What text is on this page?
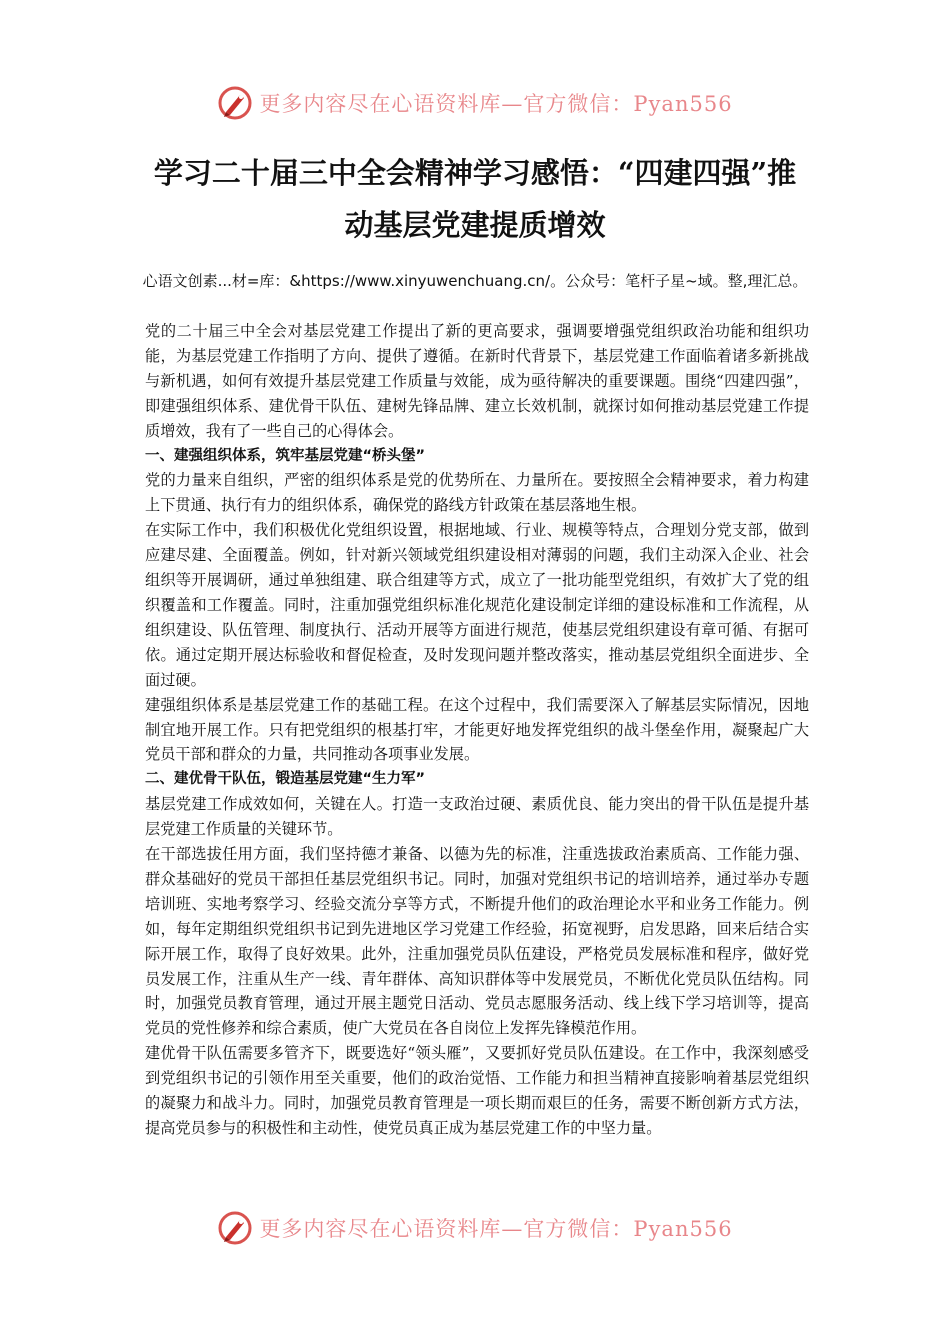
更多内容尽在心语资料库—官方微信：Pyan556
学习二十届三中全会精神学习感悟：“四建四强”推动基层党建提质增效
心语文创素...材=库：&https://www.xinyuwenchuang.cn/。公众号：笔杆子星~域。整,理汇总。

党的二十届三中全会对基层党建工作提出了新的更高要求，强调要增强党组织政治功能和组织功能，为基层党建工作指明了方向、提供了遵循。在新时代背景下，基层党建工作面临着诸多新挑战与新机遇，如何有效提升基层党建工作质量与效能，成为亟待解决的重要课题。围绕“四建四强”，即建强组织体系、建优骨干队伍、建树先锋品牌、建立长效机制，就探讨如何推动基层党建工作提质增效，我有了一些自己的心得体会。

一、建强组织体系，筑牢基层党建“桥头堡”

党的力量来自组织，严密的组织体系是党的优势所在、力量所在。要按照全会精神要求，着力构建上下贯通、执行有力的组织体系，确保党的路线方针政策在基层落地生根。

在实际工作中，我们积极优化党组织设置，根据地域、行业、规模等特点，合理划分党支部，做到应建尽建、全面覆盖。例如，针对新兴领域党组织建设相对薄弱的问题，我们主动深入企业、社会组织等开展调研，通过单独组建、联合组建等方式，成立了一批功能型党组织，有效扩大了党的组织覆盖和工作覆盖。同时，注重加强党组织标准化规范化建设制定详细的建设标准和工作流程，从组织建设、队伍管理、制度执行、活动开展等方面进行规范，使基层党组织建设有章可循、有据可依。通过定期开展达标验收和督促检查，及时发现问题并整改落实，推动基层党组织全面进步、全面过硬。

建强组织体系是基层党建工作的基础工程。在这个过程中，我们需要深入了解基层实际情况，因地制宜地开展工作。只有把党组织的根基打牢，才能更好地发挥党组织的战斗堡垒作用，凝聚起广大党员干部和群众的力量，共同推动各项事业发展。

二、建优骨干队伍，锻造基层党建“生力军”

基层党建工作成效如何，关键在人。打造一支政治过硬、素质优良、能力突出的骨干队伍是提升基层党建工作质量的关键环节。

在干部选拔任用方面，我们坚持德才兼备、以德为先的标准，注重选拔政治素质高、工作能力强、群众基础好的党员干部担任基层党组织书记。同时，加强对党组织书记的培训培养，通过举办专题培训班、实地考察学习、经验交流分享等方式，不断提升他们的政治理论水平和业务工作能力。例如，每年定期组织党组织书记到先进地区学习党建工作经验，拓宽视野，启发思路，回来后结合实际开展工作，取得了良好效果。此外，注重加强党员队伍建设，严格党员发展标准和程序，做好党员发展工作，注重从生产一线、青年群体、高知识群体等中发展党员，不断优化党员队伍结构。同时，加强党员教育管理，通过开展主题党日活动、党员志愿服务活动、线上线下学习培训等，提高党员的党性修养和综合素质，使广大党员在各自岗位上发挥先锋模范作用。

建优骨干队伍需要多管齐下，既要选好“领头雁”，又要抓好党员队伍建设。在工作中，我深刻感受到党组织书记的引领作用至关重要，他们的政治觉悟、工作能力和担当精神直接影响着基层党组织的凝聚力和战斗力。同时，加强党员教育管理是一项长期而艰巨的任务，需要不断创新方式方法，提高党员参与的积极性和主动性，使党员真正成为基层党建工作的中坚力量。

更多内容尽在心语资料库—官方微信：Pyan556
